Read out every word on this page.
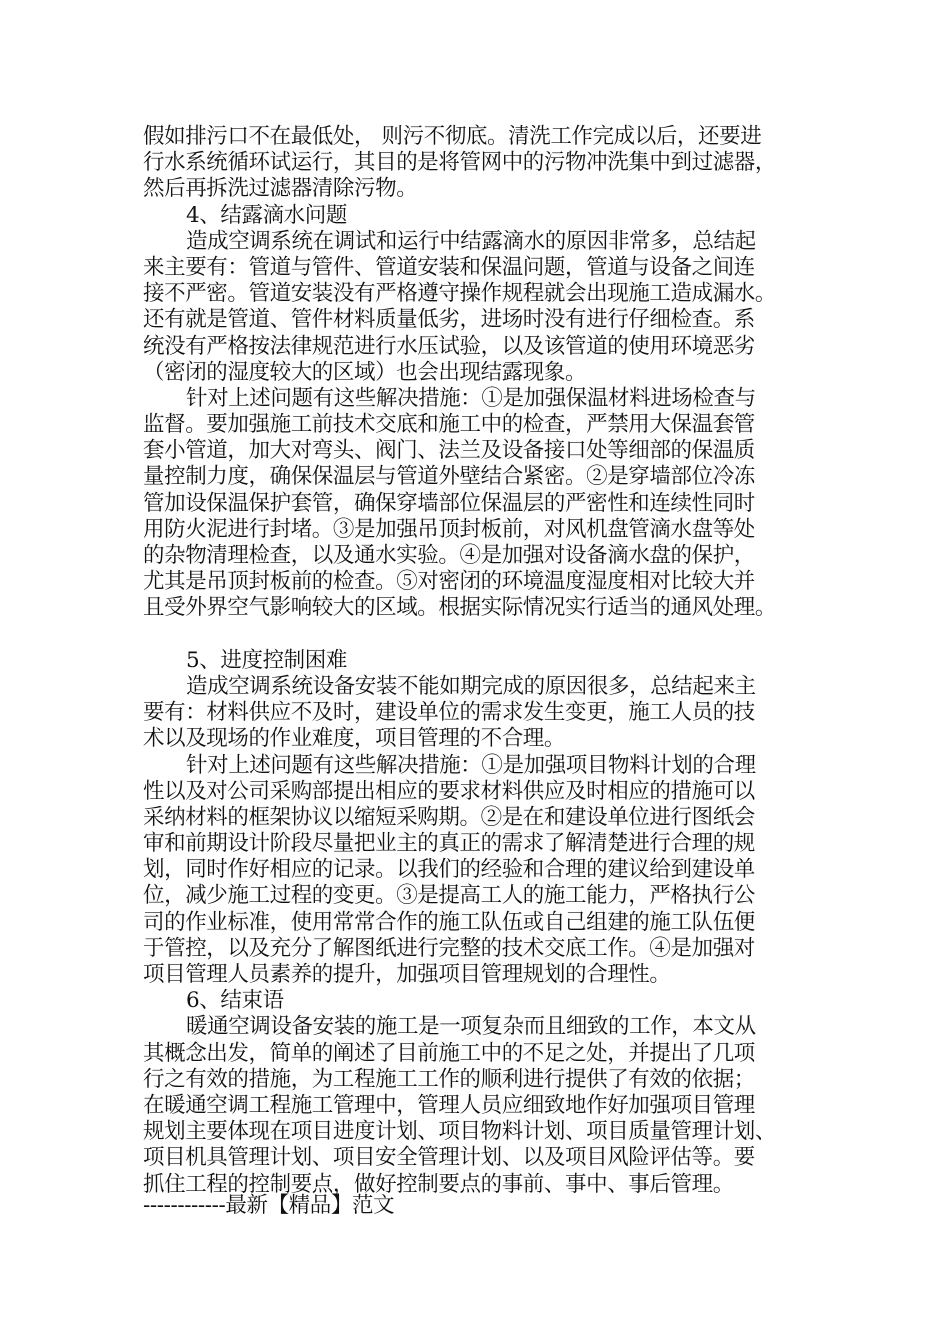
假如排污口不在最低处， 则污不彻底。清洗工作完成以后，还要进
行水系统循环试运行，其目的是将管网中的污物冲洗集中到过滤器，
然后再拆洗过滤器清除污物。
4、结露滴水问题
造成空调系统在调试和运行中结露滴水的原因非常多，总结起
来主要有：管道与管件、管道安装和保温问题，管道与设备之间连
接不严密。管道安装没有严格遵守操作规程就会出现施工造成漏水。
还有就是管道、管件材料质量低劣，进场时没有进行仔细检查。系
统没有严格按法律规范进行水压试验，以及该管道的使用环境恶劣
（密闭的湿度较大的区域）也会出现结露现象。
针对上述问题有这些解决措施：①是加强保温材料进场检查与
监督。要加强施工前技术交底和施工中的检查，严禁用大保温套管
套小管道，加大对弯头、阀门、法兰及设备接口处等细部的保温质
量控制力度，确保保温层与管道外壁结合紧密。②是穿墙部位冷冻
管加设保温保护套管，确保穿墙部位保温层的严密性和连续性同时
用防火泥进行封堵。③是加强吊顶封板前，对风机盘管滴水盘等处
的杂物清理检查，以及通水实验。④是加强对设备滴水盘的保护，
尤其是吊顶封板前的检查。⑤对密闭的环境温度湿度相对比较大并
且受外界空气影响较大的区域。根据实际情况实行适当的通风处理。
5、进度控制困难
造成空调系统设备安装不能如期完成的原因很多，总结起来主
要有：材料供应不及时，建设单位的需求发生变更，施工人员的技
术以及现场的作业难度，项目管理的不合理。
针对上述问题有这些解决措施：①是加强项目物料计划的合理
性以及对公司采购部提出相应的要求材料供应及时相应的措施可以
采纳材料的框架协议以缩短采购期。②是在和建设单位进行图纸会
审和前期设计阶段尽量把业主的真正的需求了解清楚进行合理的规
划，同时作好相应的记录。以我们的经验和合理的建议给到建设单
位，减少施工过程的变更。③是提高工人的施工能力，严格执行公
司的作业标准，使用常常合作的施工队伍或自己组建的施工队伍便
于管控，以及充分了解图纸进行完整的技术交底工作。④是加强对
项目管理人员素养的提升，加强项目管理规划的合理性。
6、结束语
暖通空调设备安装的施工是一项复杂而且细致的工作，本文从
其概念出发，简单的阐述了目前施工中的不足之处，并提出了几项
行之有效的措施，为工程施工工作的顺利进行提供了有效的依据；
在暖通空调工程施工管理中，管理人员应细致地作好加强项目管理
规划主要体现在项目进度计划、项目物料计划、项目质量管理计划、
项目机具管理计划、项目安全管理计划、以及项目风险评估等。要
抓住工程的控制要点，做好控制要点的事前、事中、事后管理。
------------最新【精品】范文
